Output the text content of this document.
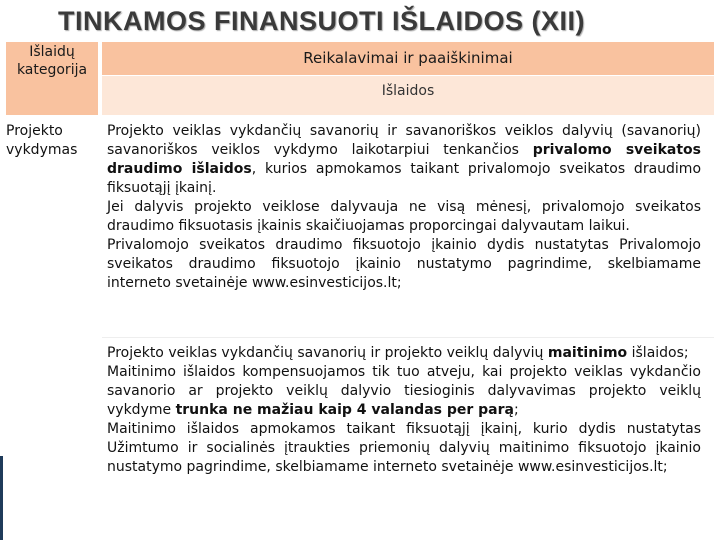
TINKAMOS FINANSUOTI IŠLAIDOS (XII)
Išlaidų kategorija
Reikalavimai ir paaiškinimai
Išlaidos
Projekto vykdymas

Projekto veiklas vykdančių savanorių ir savanoriškos veiklos dalyvių (savanorių) savanoriškos veiklos vykdymo laikotarpiui tenkančios privalomo sveikatos draudimo išlaidos, kurios apmokamos taikant privalomojo sveikatos draudimo fiksuotąjį įkainį.

Jei dalyvis projekto veiklose dalyvauja ne visą mėnesį, privalomojo sveikatos draudimo fiksuotasis įkainis skaičiuojamas proporcingai dalyvautam laikui.

Privalomojo sveikatos draudimo fiksuotojo įkainio dydis nustatytas Privalomojo sveikatos draudimo fiksuotojo įkainio nustatymo pagrindime, skelbiamame interneto svetainėje www.esinvesticijos.lt;

Projekto veiklas vykdančių savanorių ir projekto veiklų dalyvių maitinimo išlaidos;

Maitinimo išlaidos kompensuojamos tik tuo atveju, kai projekto veiklas vykdančio savanorio ar projekto veiklų dalyvio tiesioginis dalyvavimas projekto veiklų vykdyme trunka ne mažiau kaip 4 valandas per parą;

Maitinimo išlaidos apmokamos taikant fiksuotąjį įkainį, kurio dydis nustatytas Užimtumo ir socialinės įtraukties priemonių dalyvių maitinimo fiksuotojo įkainio nustatymo pagrindime, skelbiamame interneto svetainėje www.esinvesticijos.lt;
